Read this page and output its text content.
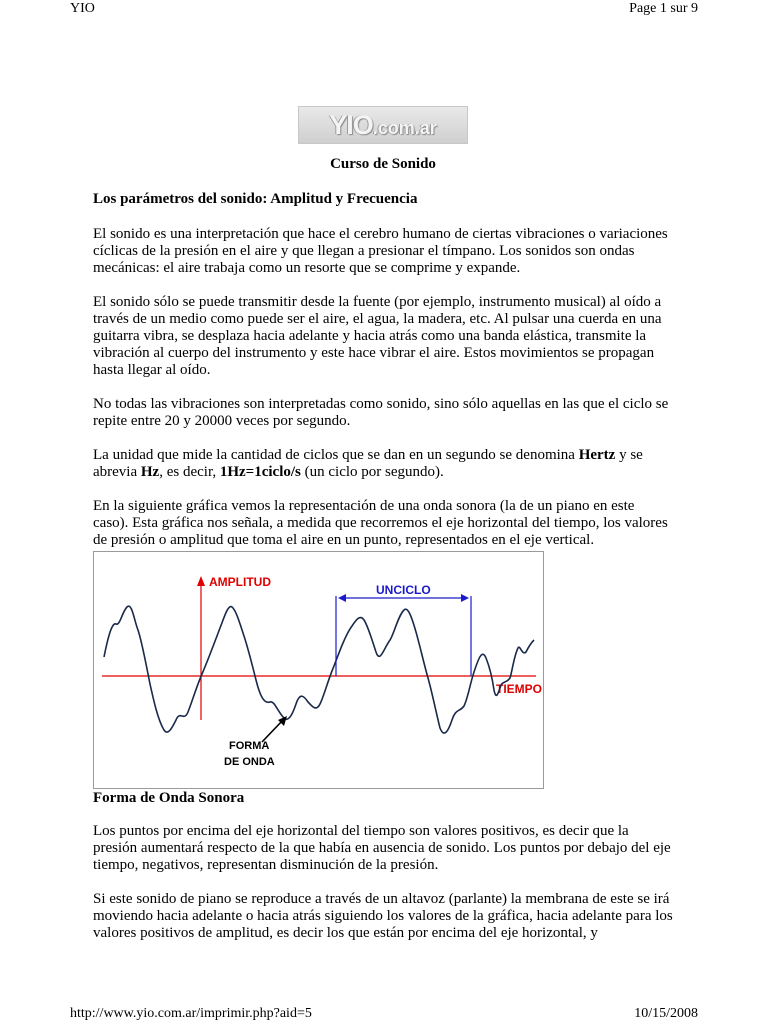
YIO	Page 1 sur 9
YIO.com.ar

Curso de Sonido

Los parámetros del sonido: Amplitud y Frecuencia

El sonido es una interpretación que hace el cerebro humano de ciertas vibraciones o variaciones cíclicas de la presión en el aire y que llegan a presionar el tímpano. Los sonidos son ondas mecánicas: el aire trabaja como un resorte que se comprime y expande.

El sonido sólo se puede transmitir desde la fuente (por ejemplo, instrumento musical) al oído a través de un medio como puede ser el aire, el agua, la madera, etc. Al pulsar una cuerda en una guitarra vibra, se desplaza hacia adelante y hacia atrás como una banda elástica, transmite la vibración al cuerpo del instrumento y este hace vibrar el aire. Estos movimientos se propagan hasta llegar al oído.

No todas las vibraciones son interpretadas como sonido, sino sólo aquellas en las que el ciclo se repite entre 20 y 20000 veces por segundo.

La unidad que mide la cantidad de ciclos que se dan en un segundo se denomina Hertz y se abrevia Hz, es decir, 1Hz=1ciclo/s (un ciclo por segundo).

En la siguiente gráfica vemos la representación de una onda sonora (la de un piano en este caso). Esta gráfica nos señala, a medida que recorremos el eje horizontal del tiempo, los valores de presión o amplitud que toma el aire en un punto, representados en el eje vertical.

AMPLITUD
TIEMPO
UNCICLO
FORMA
DE ONDA
Forma de Onda Sonora

Los puntos por encima del eje horizontal del tiempo son valores positivos, es decir que la presión aumentará respecto de la que había en ausencia de sonido. Los puntos por debajo del eje tiempo, negativos, representan disminución de la presión.

Si este sonido de piano se reproduce a través de un altavoz (parlante) la membrana de este se irá moviendo hacia adelante o hacia atrás siguiendo los valores de la gráfica, hacia adelante para los valores positivos de amplitud, es decir los que están por encima del eje horizontal, y

http://www.yio.com.ar/imprimir.php?aid=5	10/15/2008
